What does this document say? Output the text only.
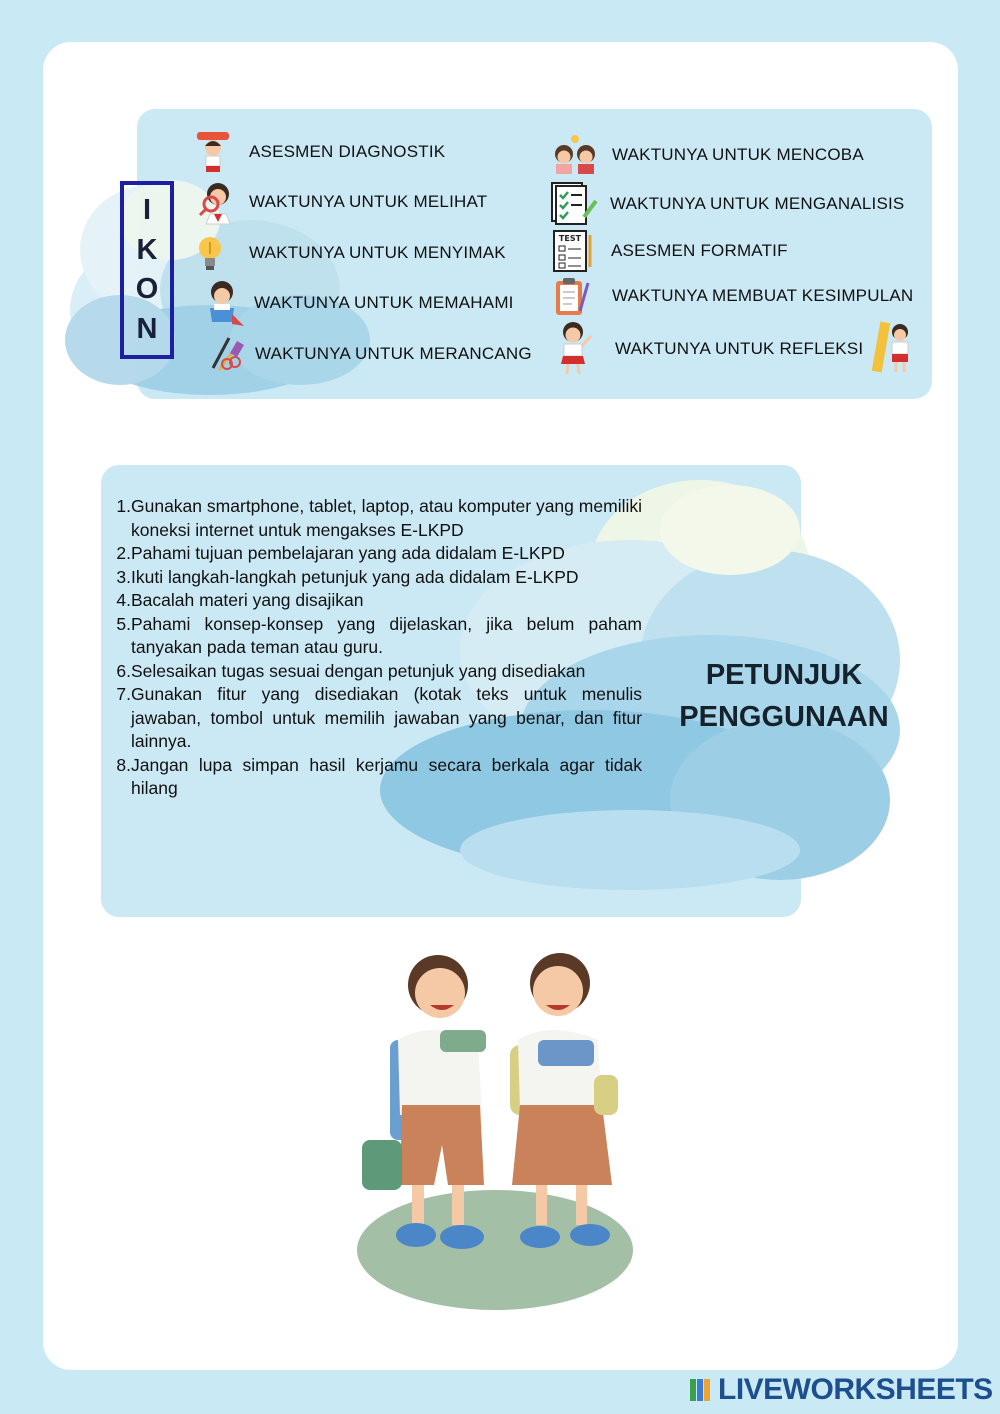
I
K
O
N
ASESMEN DIAGNOSTIK
WAKTUNYA UNTUK MELIHAT
WAKTUNYA UNTUK MENYIMAK
WAKTUNYA UNTUK MEMAHAMI
WAKTUNYA UNTUK MERANCANG
WAKTUNYA UNTUK MENCOBA
WAKTUNYA UNTUK MENGANALISIS
TEST
ASESMEN FORMATIF
WAKTUNYA MEMBUAT KESIMPULAN
WAKTUNYA UNTUK REFLEKSI
1. Gunakan smartphone, tablet, laptop, atau komputer yang memiliki koneksi internet untuk mengakses E-LKPD
2. Pahami tujuan pembelajaran yang ada didalam E-LKPD
3. Ikuti langkah-langkah petunjuk yang ada didalam E-LKPD
4. Bacalah materi yang disajikan
5. Pahami konsep-konsep yang dijelaskan, jika belum paham tanyakan pada teman atau guru.
6. Selesaikan tugas sesuai dengan petunjuk yang disediakan
7. Gunakan fitur yang disediakan (kotak teks untuk menulis jawaban, tombol untuk memilih jawaban yang benar, dan fitur lainnya.
8. Jangan lupa simpan hasil kerjamu secara berkala agar tidak hilang
PETUNJUK
PENGGUNAAN
LIVEWORKSHEETS
